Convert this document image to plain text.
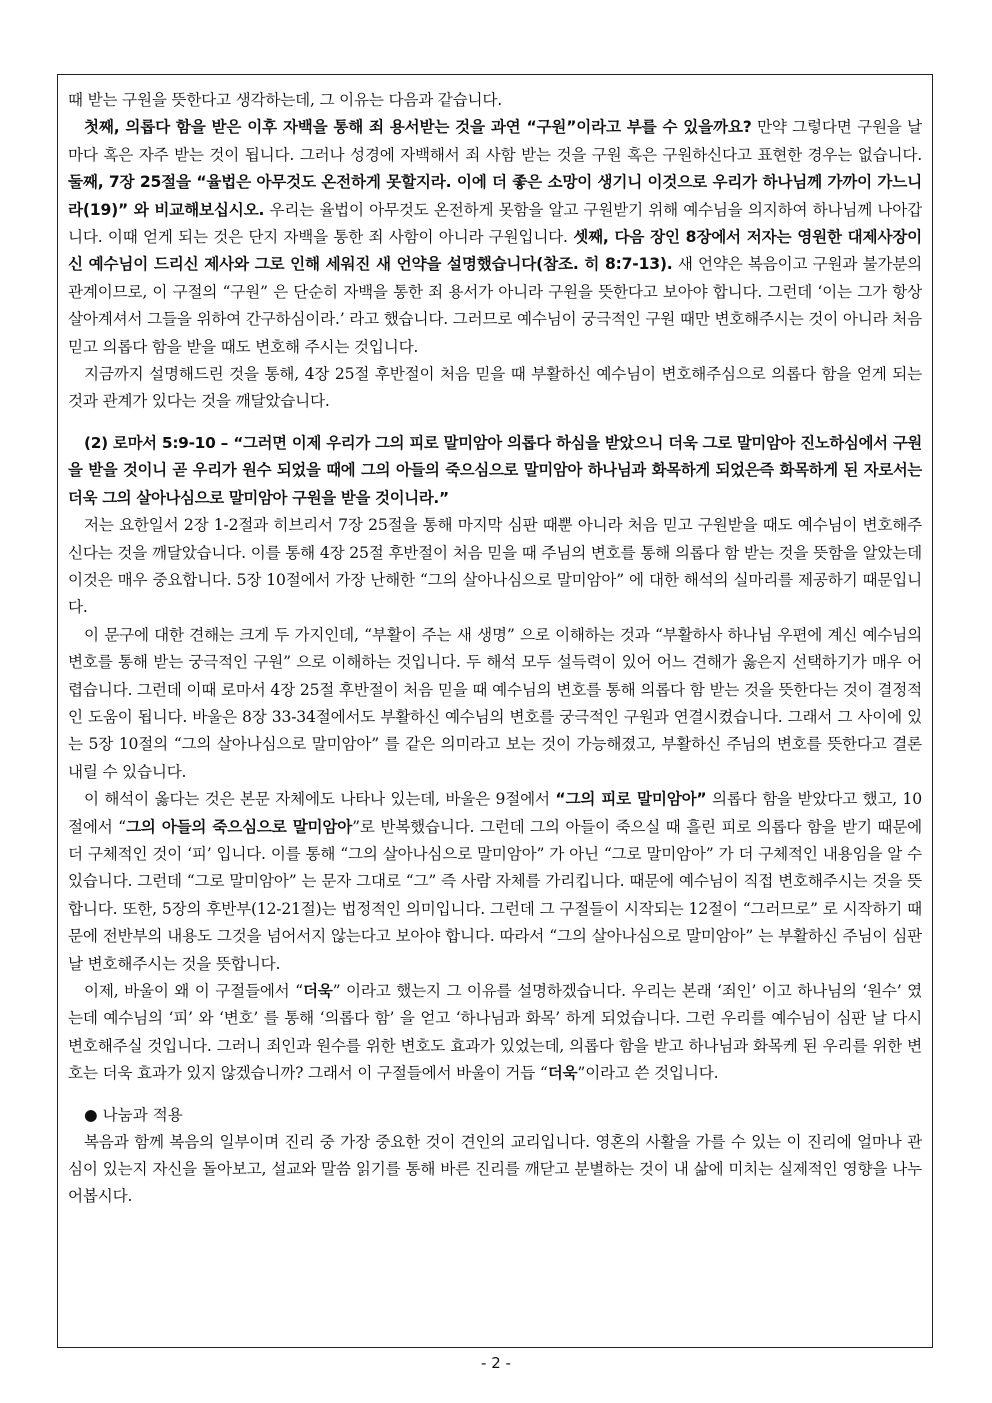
때 받는 구원을 뜻한다고 생각하는데, 그 이유는 다음과 같습니다.

첫째, 의롭다 함을 받은 이후 자백을 통해 죄 용서받는 것을 과연 “구원”이라고 부를 수 있을까요? 만약 그렇다면 구원을 날마다 혹은 자주 받는 것이 됩니다. 그러나 성경에 자백해서 죄 사함 받는 것을 구원 혹은 구원하신다고 표현한 경우는 없습니다. 둘째, 7장 25절을 “율법은 아무것도 온전하게 못할지라. 이에 더 좋은 소망이 생기니 이것으로 우리가 하나님께 가까이 가느니라(19)” 와 비교해보십시오. 우리는 율법이 아무것도 온전하게 못함을 알고 구원받기 위해 예수님을 의지하여 하나님께 나아갑니다. 이때 얻게 되는 것은 단지 자백을 통한 죄 사함이 아니라 구원입니다. 셋째, 다음 장인 8장에서 저자는 영원한 대제사장이신 예수님이 드리신 제사와 그로 인해 세워진 새 언약을 설명했습니다(참조. 히 8:7-13). 새 언약은 복음이고 구원과 불가분의 관계이므로, 이 구절의 “구원” 은 단순히 자백을 통한 죄 용서가 아니라 구원을 뜻한다고 보아야 합니다. 그런데 ‘이는 그가 항상 살아계셔서 그들을 위하여 간구하심이라.’ 라고 했습니다. 그러므로 예수님이 궁극적인 구원 때만 변호해주시는 것이 아니라 처음 믿고 의롭다 함을 받을 때도 변호해 주시는 것입니다.

지금까지 설명해드린 것을 통해, 4장 25절 후반절이 처음 믿을 때 부활하신 예수님이 변호해주심으로 의롭다 함을 얻게 되는 것과 관계가 있다는 것을 깨달았습니다.

(2) 로마서 5:9-10 – “그러면 이제 우리가 그의 피로 말미암아 의롭다 하심을 받았으니 더욱 그로 말미암아 진노하심에서 구원을 받을 것이니 곧 우리가 원수 되었을 때에 그의 아들의 죽으심으로 말미암아 하나님과 화목하게 되었은즉 화목하게 된 자로서는 더욱 그의 살아나심으로 말미암아 구원을 받을 것이니라.”

저는 요한일서 2장 1-2절과 히브리서 7장 25절을 통해 마지막 심판 때뿐 아니라 처음 믿고 구원받을 때도 예수님이 변호해주신다는 것을 깨달았습니다. 이를 통해 4장 25절 후반절이 처음 믿을 때 주님의 변호를 통해 의롭다 함 받는 것을 뜻함을 알았는데 이것은 매우 중요합니다. 5장 10절에서 가장 난해한 “그의 살아나심으로 말미암아” 에 대한 해석의 실마리를 제공하기 때문입니다.

이 문구에 대한 견해는 크게 두 가지인데, “부활이 주는 새 생명” 으로 이해하는 것과 “부활하사 하나님 우편에 계신 예수님의 변호를 통해 받는 궁극적인 구원” 으로 이해하는 것입니다. 두 해석 모두 설득력이 있어 어느 견해가 옳은지 선택하기가 매우 어렵습니다. 그런데 이때 로마서 4장 25절 후반절이 처음 믿을 때 예수님의 변호를 통해 의롭다 함 받는 것을 뜻한다는 것이 결정적인 도움이 됩니다. 바울은 8장 33-34절에서도 부활하신 예수님의 변호를 궁극적인 구원과 연결시켰습니다. 그래서 그 사이에 있는 5장 10절의 “그의 살아나심으로 말미암아” 를 같은 의미라고 보는 것이 가능해졌고, 부활하신 주님의 변호를 뜻한다고 결론 내릴 수 있습니다.

이 해석이 옳다는 것은 본문 자체에도 나타나 있는데, 바울은 9절에서 “그의 피로 말미암아” 의롭다 함을 받았다고 했고, 10절에서 “그의 아들의 죽으심으로 말미암아”로 반복했습니다. 그런데 그의 아들이 죽으실 때 흘린 피로 의롭다 함을 받기 때문에 더 구체적인 것이 ‘피’ 입니다. 이를 통해 “그의 살아나심으로 말미암아” 가 아닌 “그로 말미암아” 가 더 구체적인 내용임을 알 수 있습니다. 그런데 “그로 말미암아” 는 문자 그대로 “그” 즉 사람 자체를 가리킵니다. 때문에 예수님이 직접 변호해주시는 것을 뜻합니다. 또한, 5장의 후반부(12-21절)는 법정적인 의미입니다. 그런데 그 구절들이 시작되는 12절이 “그러므로” 로 시작하기 때문에 전반부의 내용도 그것을 넘어서지 않는다고 보아야 합니다. 따라서 “그의 살아나심으로 말미암아” 는 부활하신 주님이 심판 날 변호해주시는 것을 뜻합니다.

이제, 바울이 왜 이 구절들에서 “더욱” 이라고 했는지 그 이유를 설명하겠습니다. 우리는 본래 ‘죄인’ 이고 하나님의 ‘원수’ 였는데 예수님의 ‘피’ 와 ‘변호’ 를 통해 ‘의롭다 함’ 을 얻고 ‘하나님과 화목’ 하게 되었습니다. 그런 우리를 예수님이 심판 날 다시 변호해주실 것입니다. 그러니 죄인과 원수를 위한 변호도 효과가 있었는데, 의롭다 함을 받고 하나님과 화목케 된 우리를 위한 변호는 더욱 효과가 있지 않겠습니까? 그래서 이 구절들에서 바울이 거듭 “더욱”이라고 쓴 것입니다.

● 나눔과 적용

복음과 함께 복음의 일부이며 진리 중 가장 중요한 것이 견인의 교리입니다. 영혼의 사활을 가를 수 있는 이 진리에 얼마나 관심이 있는지 자신을 돌아보고, 설교와 말씀 읽기를 통해 바른 진리를 깨닫고 분별하는 것이 내 삶에 미치는 실제적인 영향을 나누어봅시다.

- 2 -
